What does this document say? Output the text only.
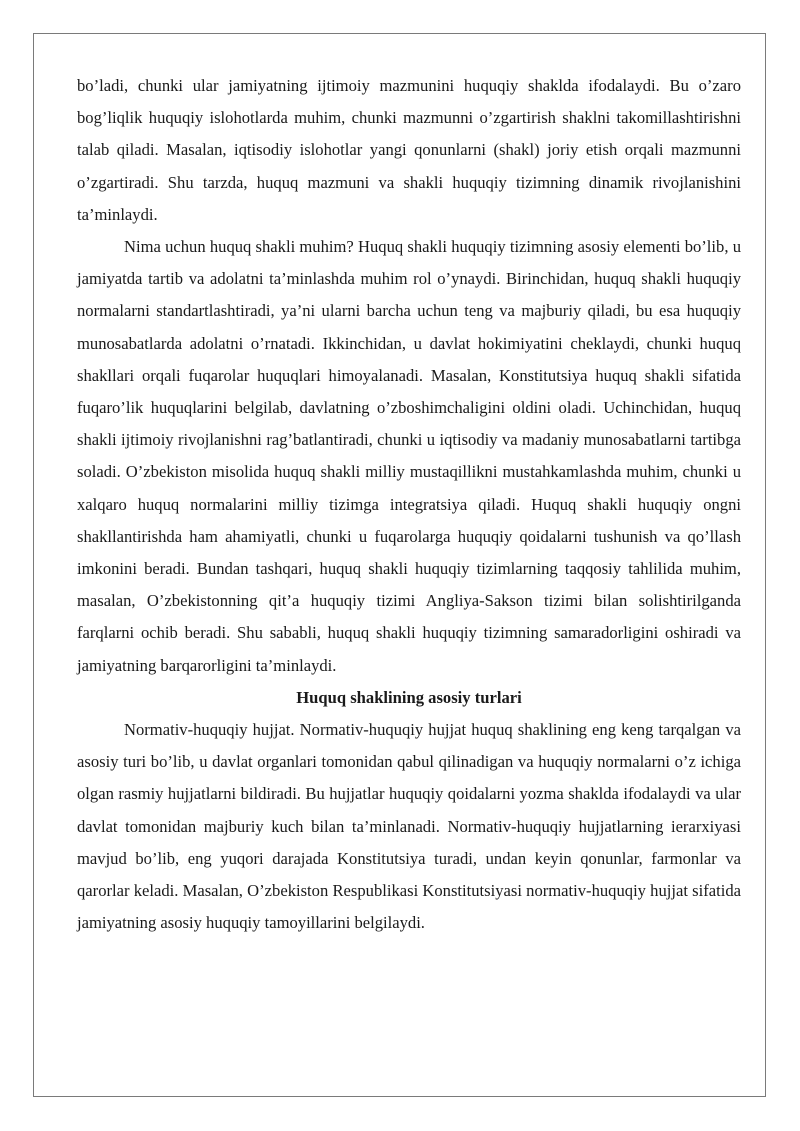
bo’ladi, chunki ular jamiyatning ijtimoiy mazmunini huquqiy shaklda ifodalaydi. Bu o’zaro bog’liqlik huquqiy islohotlarda muhim, chunki mazmunni o’zgartirish shaklni takomillashtirishni talab qiladi. Masalan, iqtisodiy islohotlar yangi qonunlarni (shakl) joriy etish orqali mazmunni o’zgartiradi. Shu tarzda, huquq mazmuni va shakli huquqiy tizimning dinamik rivojlanishini ta’minlaydi.

Nima uchun huquq shakli muhim? Huquq shakli huquqiy tizimning asosiy elementi bo’lib, u jamiyatda tartib va adolatni ta’minlashda muhim rol o’ynaydi. Birinchidan, huquq shakli huquqiy normalarni standartlashtiradi, ya’ni ularni barcha uchun teng va majburiy qiladi, bu esa huquqiy munosabatlarda adolatni o’rnatadi. Ikkinchidan, u davlat hokimiyatini cheklaydi, chunki huquq shakllari orqali fuqarolar huquqlari himoyalanadi. Masalan, Konstitutsiya huquq shakli sifatida fuqaro’lik huquqlarini belgilab, davlatning o’zboshimchaligini oldini oladi. Uchinchidan, huquq shakli ijtimoiy rivojlanishni rag’batlantiradi, chunki u iqtisodiy va madaniy munosabatlarni tartibga soladi. O’zbekiston misolida huquq shakli milliy mustaqillikni mustahkamlashda muhim, chunki u xalqaro huquq normalarini milliy tizimga integratsiya qiladi. Huquq shakli huquqiy ongni shakllantirishda ham ahamiyatli, chunki u fuqarolarga huquqiy qoidalarni tushunish va qo’llash imkonini beradi. Bundan tashqari, huquq shakli huquqiy tizimlarning taqqosiy tahlilida muhim, masalan, O’zbekistonning qit’a huquqiy tizimi Angliya-Sakson tizimi bilan solishtirilganda farqlarni ochib beradi. Shu sababli, huquq shakli huquqiy tizimning samaradorligini oshiradi va jamiyatning barqarorligini ta’minlaydi.

Huquq shaklining asosiy turlari

Normativ-huquqiy hujjat. Normativ-huquqiy hujjat huquq shaklining eng keng tarqalgan va asosiy turi bo’lib, u davlat organlari tomonidan qabul qilinadigan va huquqiy normalarni o’z ichiga olgan rasmiy hujjatlarni bildiradi. Bu hujjatlar huquqiy qoidalarni yozma shaklda ifodalaydi va ular davlat tomonidan majburiy kuch bilan ta’minlanadi. Normativ-huquqiy hujjatlarning ierarxiyasi mavjud bo’lib, eng yuqori darajada Konstitutsiya turadi, undan keyin qonunlar, farmonlar va qarorlar keladi. Masalan, O’zbekiston Respublikasi Konstitutsiyasi normativ-huquqiy hujjat sifatida jamiyatning asosiy huquqiy tamoyillarini belgilaydi.
